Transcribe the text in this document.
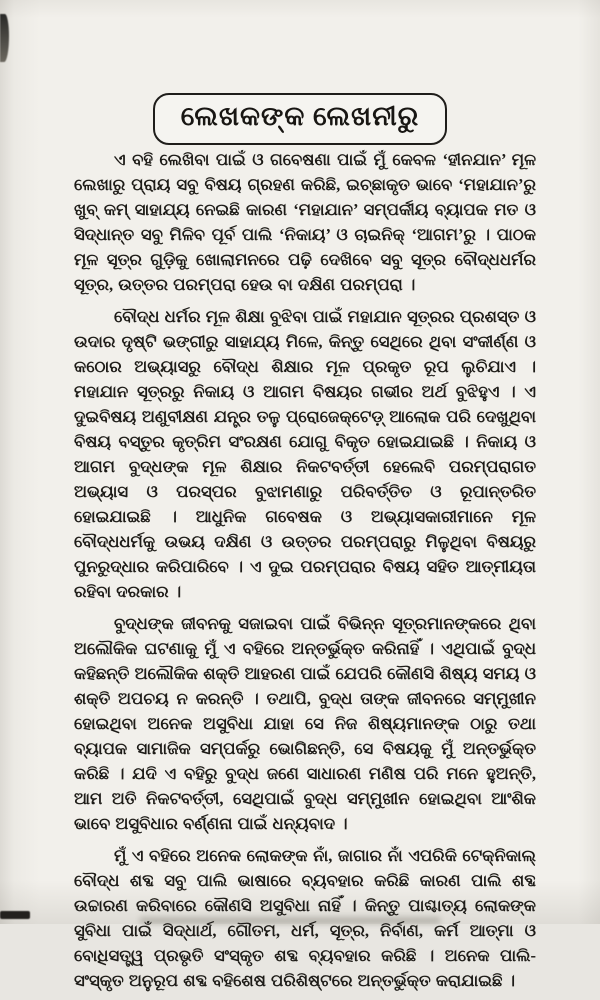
ଲେଖକଙ୍କ ଲେଖନୀରୁ

ଏ ବହି ଲେଖିବା ପାଇଁ ଓ ଗବେଷଣା ପାଇଁ ମୁଁ କେବଳ ‘ହୀନଯାନ’ ମୂଳ ଲେଖାରୁ ପ୍ରାୟ ସବୁ ବିଷୟ ଗ୍ରହଣ କରିଛି, ଇଚ୍ଛାକୃତ ଭାବେ ‘ମହାଯାନ’ରୁ ଖୁବ୍ କମ୍ ସାହାଯ୍ୟ ନେଇଛି କାରଣ ‘ମହାଯାନ’ ସମ୍ପର୍କୀୟ ବ୍ୟାପକ ମତ ଓ ସିଦ୍ଧାନ୍ତ ସବୁ ମିଳିବ ପୂର୍ବ ପାଲି ‘ନିକାୟ’ ଓ ଚାଇନିକ୍ ‘ଆଗମ’ରୁ । ପାଠକ ମୂଳ ସୂତ୍ର ଗୁଡ଼ିକୁ ଖୋଲାମନରେ ପଢ଼ି ଦେଖିବେ ସବୁ ସୂତ୍ର ବୌଦ୍ଧଧର୍ମର ସୂତ୍ର, ଉତ୍ତର ପରମ୍ପରା ହେଉ ବା ଦକ୍ଷିଣ ପରମ୍ପରା ।

ବୌଦ୍ଧ ଧର୍ମର ମୂଳ ଶିକ୍ଷା ବୁଝିବା ପାଇଁ ମହାଯାନ ସୂତ୍ରର ପ୍ରଶସ୍ତ ଓ ଉଦାର ଦୃଷ୍ଟି ଭଙ୍ଗୀରୁ ସାହାଯ୍ୟ ମିଳେ, କିନ୍ତୁ ସେଥିରେ ଥିବା ସଂକୀର୍ଣ୍ଣ ଓ କଠୋର ଅଭ୍ୟାସରୁ ବୌଦ୍ଧ ଶିକ୍ଷାର ମୂଳ ପ୍ରକୃତ ରୂପ ଲୁଚିଯାଏ । ମହାଯାନ ସୂତ୍ରରୁ ନିକାୟ ଓ ଆଗମ ବିଷୟର ଗଭୀର ଅର୍ଥ ବୁଝିହୁଏ । ଏ ଦୁଇବିଷୟ ଅଣୁବୀକ୍ଷଣ ଯନ୍ତ୍ର ତଳୁ ପ୍ରୋଜେକ୍ଟେଡ଼୍ ଆଲୋକ ପରି ଦେଖୁଥିବା ବିଷୟ ବସ୍ତୁର କୃତ୍ରିମ ସଂରକ୍ଷଣ ଯୋଗୁ ବିକୃତ ହୋଇଯାଇଛି । ନିକାୟ ଓ ଆଗମ ବୁଦ୍ଧଙ୍କ ମୂଳ ଶିକ୍ଷାର ନିକଟବର୍ତ୍ତୀ ହେଲେବି ପରମ୍ପରାଗତ ଅଭ୍ୟାସ ଓ ପରସ୍ପର ବୁଝାମଣାରୁ ପରିବର୍ତ୍ତିତ ଓ ରୂପାନ୍ତରିତ ହୋଇଯାଇଛି । ଆଧୁନିକ ଗବେଷକ ଓ ଅଭ୍ୟାସକାରୀମାନେ ମୂଳ ବୌଦ୍ଧଧର୍ମକୁ ଉଭୟ ଦକ୍ଷିଣ ଓ ଉତ୍ତର ପରମ୍ପରାରୁ ମିଳୁଥିବା ବିଷୟରୁ ପୁନରୁଦ୍ଧାର କରିପାରିବେ । ଏ ଦୁଇ ପରମ୍ପରାର ବିଷୟ ସହିତ ଆତ୍ମୀୟତା ରହିବା ଦରକାର ।

ବୁଦ୍ଧଙ୍କ ଜୀବନକୁ ସଜାଇବା ପାଇଁ ବିଭିନ୍ନ ସୂତ୍ରମାନଙ୍କରେ ଥିବା ଅଲୌକିକ ଘଟଣାକୁ ମୁଁ ଏ ବହିରେ ଅନ୍ତର୍ଭୁକ୍ତ କରିନାହିଁ । ଏଥିପାଇଁ ବୁଦ୍ଧ କହିଛନ୍ତି ଅଲୌକିକ ଶକ୍ତି ଆହରଣ ପାଇଁ ଯେପରି କୌଣସି ଶିଷ୍ୟ ସମୟ ଓ ଶକ୍ତି ଅପଚୟ ନ କରନ୍ତି । ତଥାପି, ବୁଦ୍ଧ ତାଙ୍କ ଜୀବନରେ ସମ୍ମୁଖୀନ ହୋଇଥିବା ଅନେକ ଅସୁବିଧା ଯାହା ସେ ନିଜ ଶିଷ୍ୟମାନଙ୍କ ଠାରୁ ତଥା ବ୍ୟାପକ ସାମାଜିକ ସମ୍ପର୍କରୁ ଭୋଗିଛନ୍ତି, ସେ ବିଷୟକୁ ମୁଁ ଅନ୍ତର୍ଭୁକ୍ତ କରିଛି । ଯଦି ଏ ବହିରୁ ବୁଦ୍ଧ ଜଣେ ସାଧାରଣ ମଣିଷ ପରି ମନେ ହୁଅନ୍ତି, ଆମ ଅତି ନିକଟବର୍ତ୍ତୀ, ସେଥିପାଇଁ ବୁଦ୍ଧ ସମ୍ମୁଖୀନ ହୋଇଥିବା ଆଂଶିକ ଭାବେ ଅସୁବିଧାର ବର୍ଣ୍ଣନା ପାଇଁ ଧନ୍ୟବାଦ ।

ମୁଁ ଏ ବହିରେ ଅନେକ ଲୋକଙ୍କ ନାଁ, ଜାଗାର ନାଁ ଏପରିକି ଟେକ୍‌ନିକାଲ୍ ବୌଦ୍ଧ ଶବ୍ଦ ସବୁ ପାଲି ଭାଷାରେ ବ୍ୟବହାର କରିଛି କାରଣ ପାଲି ଶବ୍ଦ ଉଚ୍ଚାରଣ କରିବାରେ କୌଣସି ଅସୁବିଧା ନାହିଁ । କିନ୍ତୁ ପାଶ୍ଚାତ୍ୟ ଲୋକଙ୍କ ସୁବିଧା ପାଇଁ ସିଦ୍ଧାର୍ଥ, ଗୌତମ, ଧର୍ମ, ସୂତ୍ର, ନିର୍ବାଣ, କର୍ମ ଆତ୍ମା ଓ ବୋଧିସତ୍ତ୍ୱ ପ୍ରଭୃତି ସଂସ୍କୃତ ଶବ୍ଦ ବ୍ୟବହାର କରିଛି । ଅନେକ ପାଲି-ସଂସ୍କୃତ ଅନୁରୂପ ଶବ୍ଦ ବହିଶେଷ ପରିଶିଷ୍ଟରେ ଅନ୍ତର୍ଭୁକ୍ତ କରାଯାଇଛି ।
